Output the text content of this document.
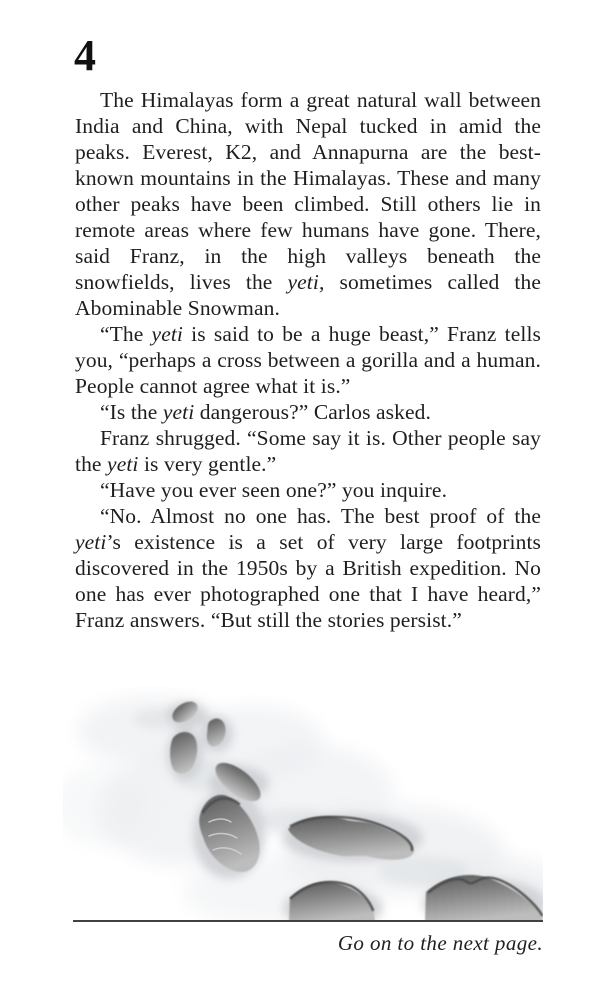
4

The Himalayas form a great natural wall between India and China, with Nepal tucked in amid the peaks. Everest, K2, and Annapurna are the best-known mountains in the Himalayas. These and many other peaks have been climbed. Still others lie in remote areas where few humans have gone. There, said Franz, in the high valleys beneath the snowfields, lives the yeti, sometimes called the Abominable Snowman.

“The yeti is said to be a huge beast,” Franz tells you, “perhaps a cross between a gorilla and a human. People cannot agree what it is.”

“Is the yeti dangerous?” Carlos asked.

Franz shrugged. “Some say it is. Other people say the yeti is very gentle.”

“Have you ever seen one?” you inquire.

“No. Almost no one has. The best proof of the yeti’s existence is a set of very large footprints discovered in the 1950s by a British expedition. No one has ever photographed one that I have heard,” Franz answers. “But still the stories persist.”

Go on to the next page.
